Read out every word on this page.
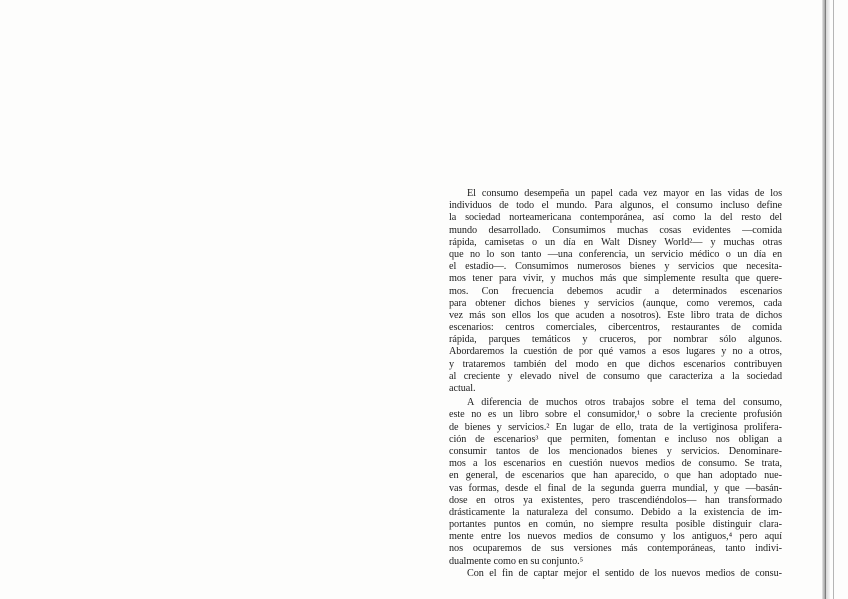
El consumo desempeña un papel cada vez mayor en las vidas de los
individuos de todo el mundo. Para algunos, el consumo incluso define
la sociedad norteamericana contemporánea, así como la del resto del
mundo desarrollado. Consumimos muchas cosas evidentes —comida
rápida, camisetas o un día en Walt Disney World²— y muchas otras
que no lo son tanto —una conferencia, un servicio médico o un día en
el estadio—. Consumimos numerosos bienes y servicios que necesita-
mos tener para vivir, y muchos más que simplemente resulta que quere-
mos. Con frecuencia debemos acudir a determinados escenarios
para obtener dichos bienes y servicios (aunque, como veremos, cada
vez más son ellos los que acuden a nosotros). Este libro trata de dichos
escenarios: centros comerciales, cibercentros, restaurantes de comida
rápida, parques temáticos y cruceros, por nombrar sólo algunos.
Abordaremos la cuestión de por qué vamos a esos lugares y no a otros,
y trataremos también del modo en que dichos escenarios contribuyen
al creciente y elevado nivel de consumo que caracteriza a la sociedad
actual.
A diferencia de muchos otros trabajos sobre el tema del consumo,
este no es un libro sobre el consumidor,¹ o sobre la creciente profusión
de bienes y servicios.² En lugar de ello, trata de la vertiginosa prolifera-
ción de escenarios³ que permiten, fomentan e incluso nos obligan a
consumir tantos de los mencionados bienes y servicios. Denominare-
mos a los escenarios en cuestión nuevos medios de consumo. Se trata,
en general, de escenarios que han aparecido, o que han adoptado nue-
vas formas, desde el final de la segunda guerra mundial, y que —basán-
dose en otros ya existentes, pero trascendiéndolos— han transformado
drásticamente la naturaleza del consumo. Debido a la existencia de im-
portantes puntos en común, no siempre resulta posible distinguir clara-
mente entre los nuevos medios de consumo y los antiguos,⁴ pero aquí
nos ocuparemos de sus versiones más contemporáneas, tanto indivi-
dualmente como en su conjunto.⁵
Con el fin de captar mejor el sentido de los nuevos medios de consu-
